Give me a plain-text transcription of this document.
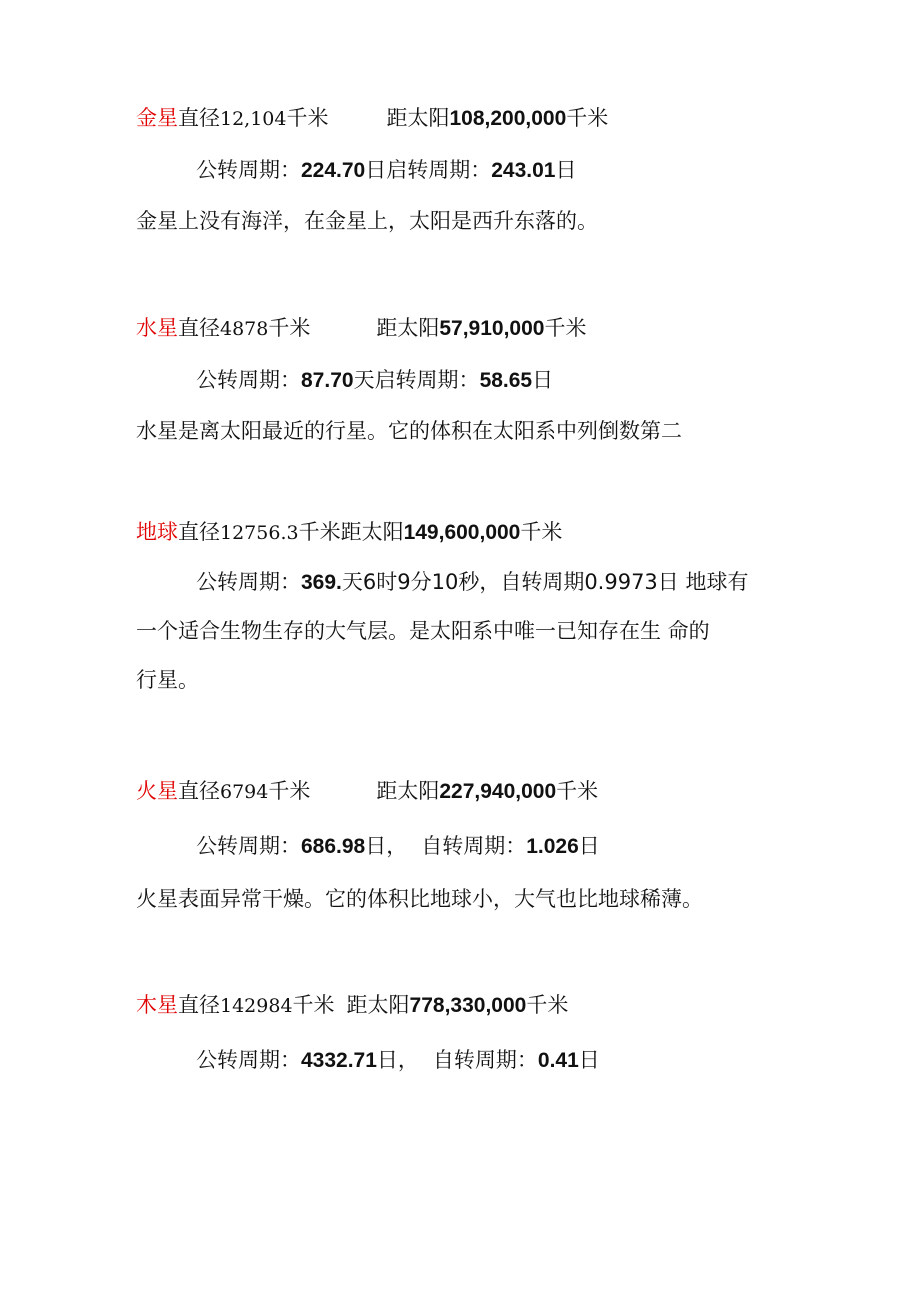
金星直径12,104千米	距太阳108,200,000千米
公转周期：224.70日启转周期：243.01日
金星上没有海洋，在金星上，太阳是西升东落的。
水星直径4878千米	距太阳57,910,000千米
公转周期：87.70天启转周期：58.65日
水星是离太阳最近的行星。它的体积在太阳系中列倒数第二
地球直径12756.3千米距太阳149,600,000千米
公转周期：369.天6时9分10秒，自转周期0.9973日 地球有
一个适合生物生存的大气层。是太阳系中唯一已知存在生 命的
行星。
火星直径6794千米	距太阳227,940,000千米
公转周期：686.98日， 自转周期：1.026日
火星表面异常干燥。它的体积比地球小，大气也比地球稀薄。
木星直径142984千米 距太阳778,330,000千米
公转周期：4332.71日， 自转周期：0.41日
